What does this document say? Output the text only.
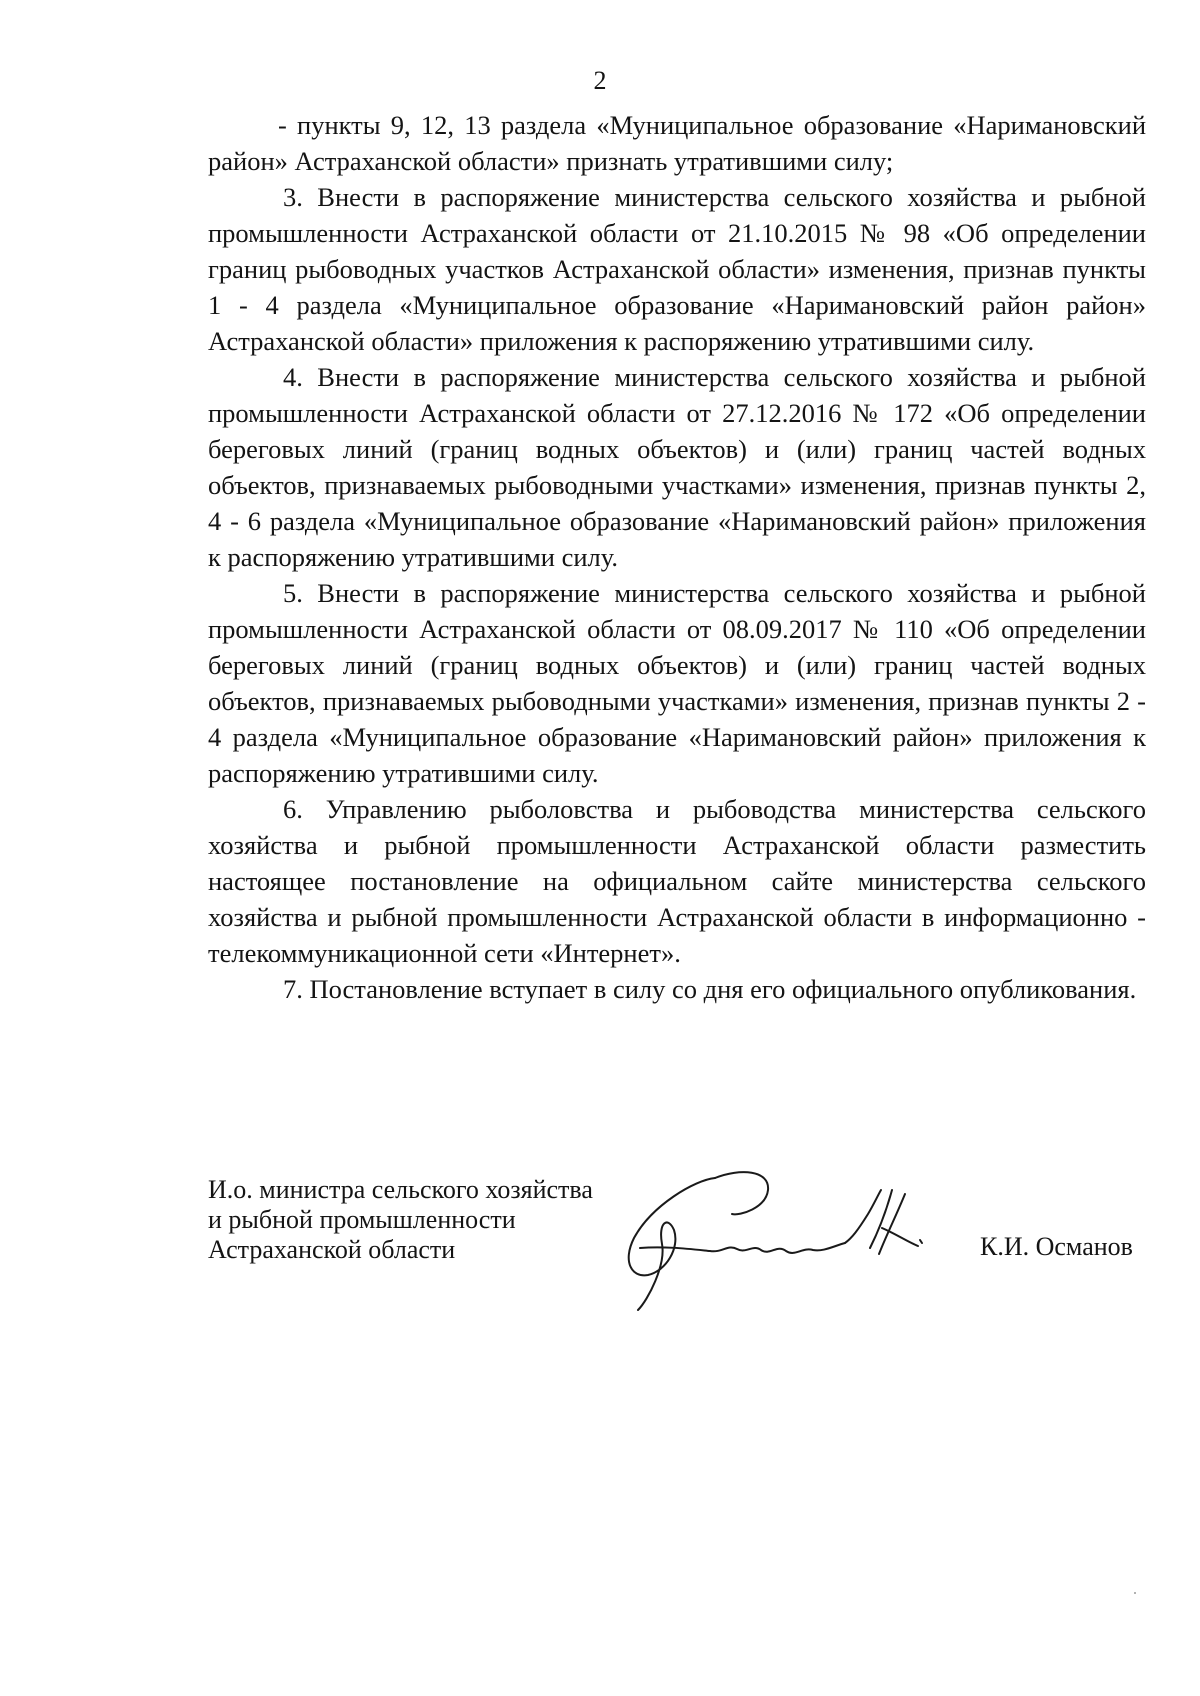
2

- пункты 9, 12, 13 раздела «Муниципальное образование «Наримановский район» Астраханской области» признать утратившими силу;

3. Внести в распоряжение министерства сельского хозяйства и рыбной промышленности Астраханской области от 21.10.2015 № 98 «Об определении границ рыбоводных участков Астраханской области» изменения, признав пункты 1 - 4 раздела «Муниципальное образование «Наримановский район район» Астраханской области» приложения к распоряжению утратившими силу.

4. Внести в распоряжение министерства сельского хозяйства и рыбной промышленности Астраханской области от 27.12.2016 № 172 «Об определении береговых линий (границ водных объектов) и (или) границ частей водных объектов, признаваемых рыбоводными участками» изменения, признав пункты 2, 4 - 6 раздела «Муниципальное образование «Наримановский район» приложения к распоряжению утратившими силу.

5. Внести в распоряжение министерства сельского хозяйства и рыбной промышленности Астраханской области от 08.09.2017 № 110 «Об определении береговых линий (границ водных объектов) и (или) границ частей водных объектов, признаваемых рыбоводными участками» изменения, признав пункты 2 - 4 раздела «Муниципальное образование «Наримановский район» приложения к распоряжению утратившими силу.

6. Управлению рыболовства и рыбоводства министерства сельского хозяйства и рыбной промышленности Астраханской области разместить настоящее постановление на официальном сайте министерства сельского хозяйства и рыбной промышленности Астраханской области в информационно - телекоммуникационной сети «Интернет».

7. Постановление вступает в силу со дня его официального опубликования.

И.о. министра сельского хозяйства
и рыбной промышленности
Астраханской области	К.И. Османов
